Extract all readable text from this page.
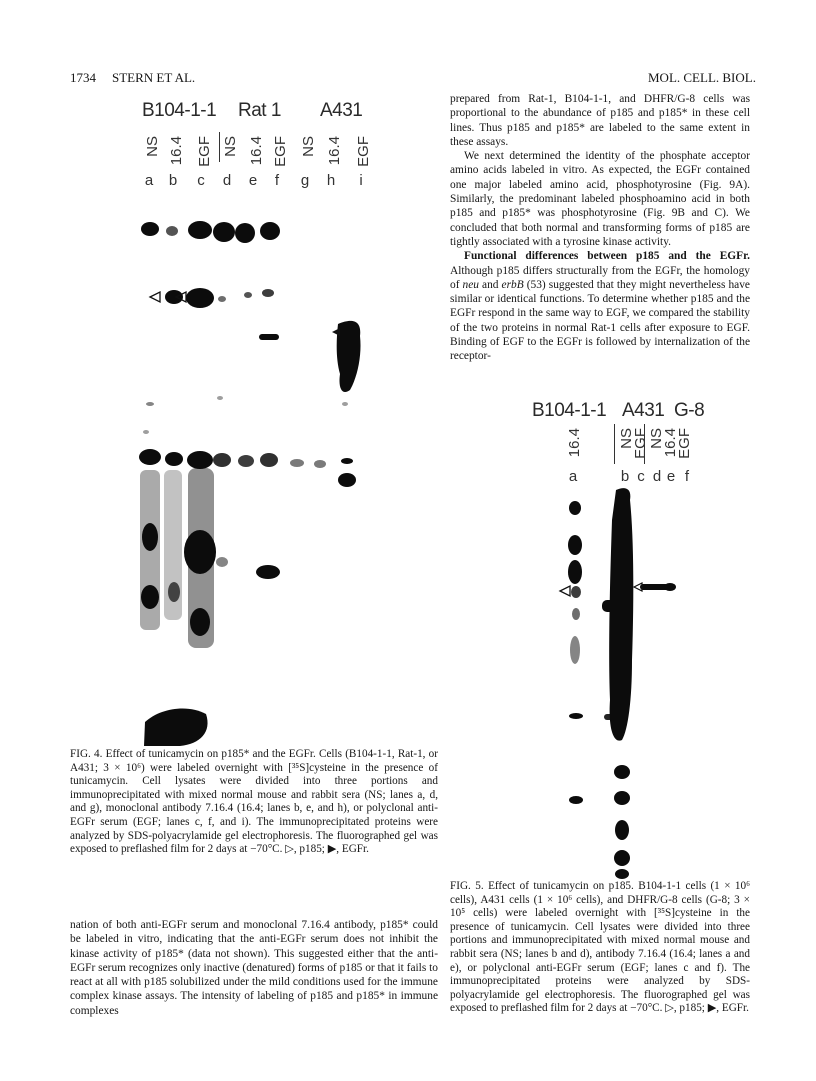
1734 STERN ET AL.	MOL. CELL. BIOL.
B104-1-1 Rat 1 A431
NS 16.4 EGF NS 16.4 EGF NS 16.4 EGF
a	b	c	d	e	f	g	h	i
FIG. 4. Effect of tunicamycin on p185* and the EGFr. Cells (B104-1-1, Rat-1, or A431; 3 × 10⁶) were labeled overnight with [³⁵S]cysteine in the presence of tunicamycin. Cell lysates were divided into three portions and immunoprecipitated with mixed normal mouse and rabbit sera (NS; lanes a, d, and g), monoclonal antibody 7.16.4 (16.4; lanes b, e, and h), or polyclonal anti-EGFr serum (EGF; lanes c, f, and i). The immunoprecipitated proteins were analyzed by SDS-polyacrylamide gel electrophoresis. The fluorographed gel was exposed to preflashed film for 2 days at −70°C. ▷, p185; ▶, EGFr.

nation of both anti-EGFr serum and monoclonal 7.16.4 antibody, p185* could be labeled in vitro, indicating that the anti-EGFr serum does not inhibit the kinase activity of p185* (data not shown). This suggested either that the anti-EGFr serum recognizes only inactive (denatured) forms of p185 or that it fails to react at all with p185 solubilized under the mild conditions used for the immune complex kinase assays. The intensity of labeling of p185 and p185* in immune complexes

prepared from Rat-1, B104-1-1, and DHFR/G-8 cells was proportional to the abundance of p185 and p185* in these cell lines. Thus p185 and p185* are labeled to the same extent in these assays.

We next determined the identity of the phosphate acceptor amino acids labeled in vitro. As expected, the EGFr contained one major labeled amino acid, phosphotyrosine (Fig. 9A). Similarly, the predominant labeled phosphoamino acid in both p185 and p185* was phosphotyrosine (Fig. 9B and C). We concluded that both normal and transforming forms of p185 are tightly associated with a tyrosine kinase activity.

Functional differences between p185 and the EGFr. Although p185 differs structurally from the EGFr, the homology of neu and erbB (53) suggested that they might nevertheless have similar or identical functions. To determine whether p185 and the EGFr respond in the same way to EGF, we compared the stability of the two proteins in normal Rat-1 cells after exposure to EGF. Binding of EGF to the EGFr is followed by internalization of the receptor-

B104-1-1 A431 G-8
16.4 NS
EGF NS
16.4
EGF
a	b c d e f
FIG. 5. Effect of tunicamycin on p185. B104-1-1 cells (1 × 10⁶ cells), A431 cells (1 × 10⁶ cells), and DHFR/G-8 cells (G-8; 3 × 10⁵ cells) were labeled overnight with [³⁵S]cysteine in the presence of tunicamycin. Cell lysates were divided into three portions and immunoprecipitated with mixed normal mouse and rabbit sera (NS; lanes b and d), antibody 7.16.4 (16.4; lanes a and e), or polyclonal anti-EGFr serum (EGF; lanes c and f). The immunoprecipitated proteins were analyzed by SDS-polyacrylamide gel electrophoresis. The fluorographed gel was exposed to preflashed film for 2 days at −70°C. ▷, p185; ▶, EGFr.
